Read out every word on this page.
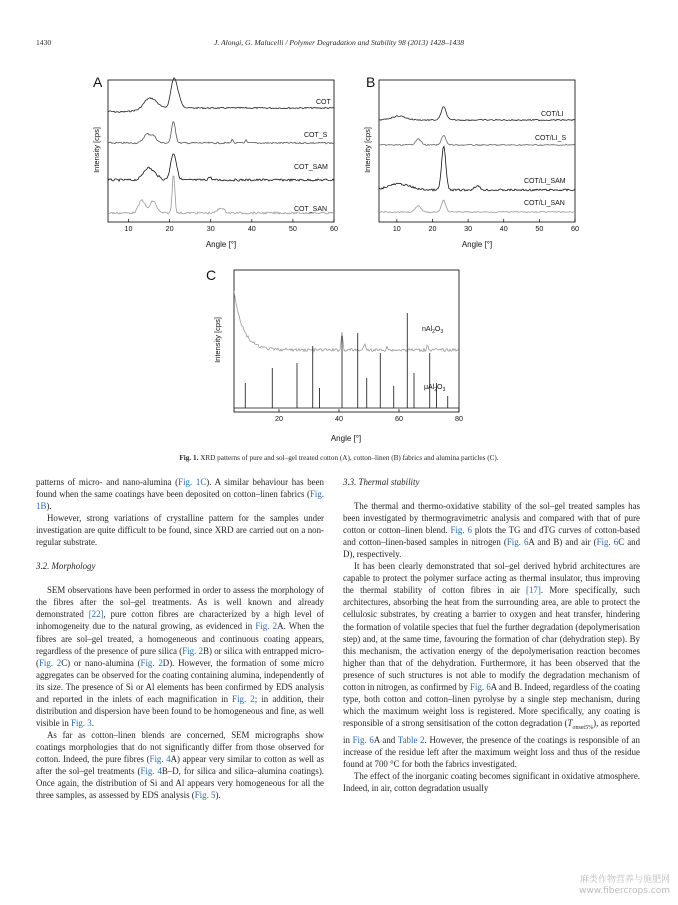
1430	J. Alongi, G. Malucelli / Polymer Degradation and Stability 98 (2013) 1428–1438
A
Intensity [cps]
Angle [°]
10	20	30	40	50	60
COT
COT_S
COT_SAM
COT_SAN
B
Intensity [cps]
Angle [°]
10	20	30	40	50	60
COT/LI
COT/LI_S
COT/LI_SAM
COT/LI_SAN
C
Intensity [cps]
Angle [°]
20	40	60	80
$nAl_2O_3$
$\mu Al_2O_3$
Fig. 1. XRD patterns of pure and sol–gel treated cotton (A), cotton–linen (B) fabrics and alumina particles (C).

patterns of micro- and nano-alumina (Fig. 1C). A similar behaviour has been found when the same coatings have been deposited on cotton–linen fabrics (Fig. 1B).

However, strong variations of crystalline pattern for the samples under investigation are quite difficult to be found, since XRD are carried out on a non-regular substrate.

3.2. Morphology

SEM observations have been performed in order to assess the morphology of the fibres after the sol–gel treatments. As is well known and already demonstrated [22], pure cotton fibres are characterized by a high level of inhomogeneity due to the natural growing, as evidenced in Fig. 2A. When the fibres are sol–gel treated, a homogeneous and continuous coating appears, regardless of the presence of pure silica (Fig. 2B) or silica with entrapped micro- (Fig. 2C) or nano-alumina (Fig. 2D). However, the formation of some micro aggregates can be observed for the coating containing alumina, independently of its size. The presence of Si or Al elements has been confirmed by EDS analysis and reported in the inlets of each magnification in Fig. 2; in addition, their distribution and dispersion have been found to be homogeneous and fine, as well visible in Fig. 3.

As far as cotton–linen blends are concerned, SEM micrographs show coatings morphologies that do not significantly differ from those observed for cotton. Indeed, the pure fibres (Fig. 4A) appear very similar to cotton as well as after the sol–gel treatments (Fig. 4B–D, for silica and silica–alumina coatings). Once again, the distribution of Si and Al appears very homogeneous for all the three samples, as assessed by EDS analysis (Fig. 5).

3.3. Thermal stability

The thermal and thermo-oxidative stability of the sol–gel treated samples has been investigated by thermogravimetric analysis and compared with that of pure cotton or cotton–linen blend. Fig. 6 plots the TG and dTG curves of cotton-based and cotton–linen-based samples in nitrogen (Fig. 6A and B) and air (Fig. 6C and D), respectively.

It has been clearly demonstrated that sol–gel derived hybrid architectures are capable to protect the polymer surface acting as thermal insulator, thus improving the thermal stability of cotton fibres in air [17]. More specifically, such architectures, absorbing the heat from the surrounding area, are able to protect the cellulosic substrates, by creating a barrier to oxygen and heat transfer, hindering the formation of volatile species that fuel the further degradation (depolymerisation step) and, at the same time, favouring the formation of char (dehydration step). By this mechanism, the activation energy of the depolymerisation reaction becomes higher than that of the dehydration. Furthermore, it has been observed that the presence of such structures is not able to modify the degradation mechanism of cotton in nitrogen, as confirmed by Fig. 6A and B. Indeed, regardless of the coating type, both cotton and cotton–linen pyrolyse by a single step mechanism, during which the maximum weight loss is registered. More specifically, any coating is responsible of a strong sensitisation of the cotton degradation $(T_{onset5\%})$, as reported in Fig. 6A and Table 2. However, the presence of the coatings is responsible of an increase of the residue left after the maximum weight loss and thus of the residue found at 700 °C for both the fabrics investigated.

The effect of the inorganic coating becomes significant in oxidative atmosphere. Indeed, in air, cotton degradation usually

麻类作物营养与施肥网
www.fibercrops.com
